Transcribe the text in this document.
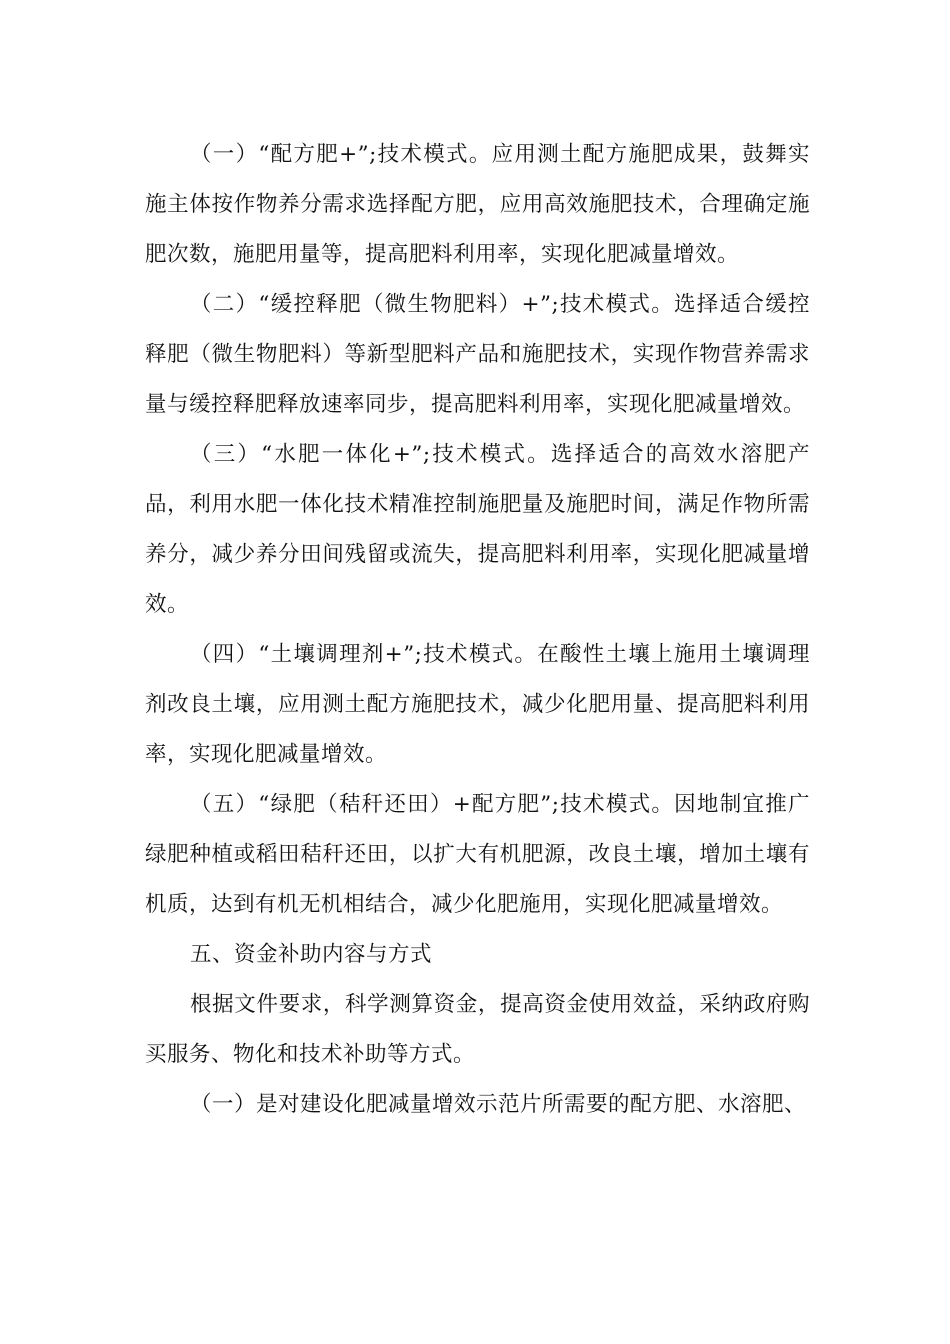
（一）“配方肥+”;技术模式。应用测土配方施肥成果，鼓舞实施主体按作物养分需求选择配方肥，应用高效施肥技术，合理确定施肥次数，施肥用量等，提高肥料利用率，实现化肥减量增效。

（二）“缓控释肥（微生物肥料）+”;技术模式。选择适合缓控释肥（微生物肥料）等新型肥料产品和施肥技术，实现作物营养需求量与缓控释肥释放速率同步，提高肥料利用率，实现化肥减量增效。

（三）“水肥一体化+”;技术模式。选择适合的高效水溶肥产品，利用水肥一体化技术精准控制施肥量及施肥时间，满足作物所需养分，减少养分田间残留或流失，提高肥料利用率，实现化肥减量增效。

（四）“土壤调理剂+”;技术模式。在酸性土壤上施用土壤调理剂改良土壤，应用测土配方施肥技术，减少化肥用量、提高肥料利用率，实现化肥减量增效。

（五）“绿肥（秸秆还田）+配方肥”;技术模式。因地制宜推广绿肥种植或稻田秸秆还田，以扩大有机肥源，改良土壤，增加土壤有机质，达到有机无机相结合，减少化肥施用，实现化肥减量增效。

五、资金补助内容与方式

根据文件要求，科学测算资金，提高资金使用效益，采纳政府购买服务、物化和技术补助等方式。

（一）是对建设化肥减量增效示范片所需要的配方肥、水溶肥、
